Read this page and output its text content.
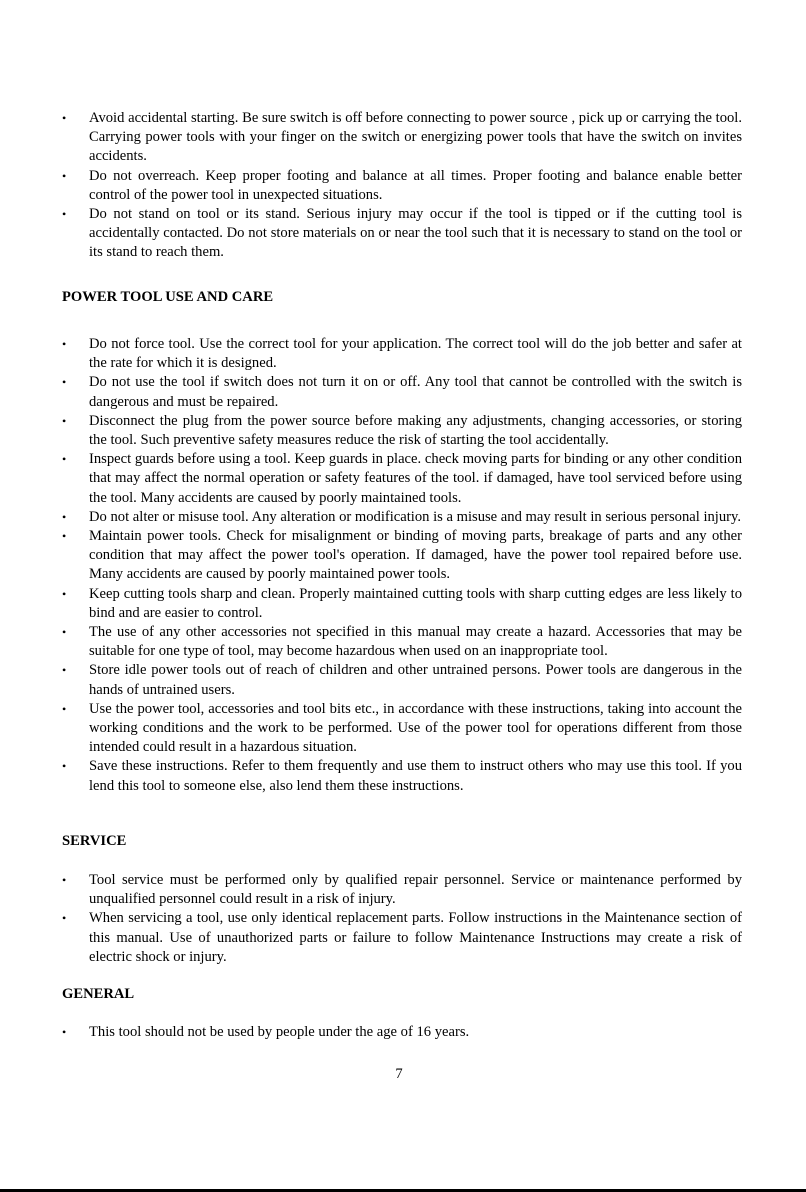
•	Avoid accidental starting. Be sure switch is off before connecting to power source , pick up or carrying the tool. Carrying power tools with your finger on the switch or energizing power tools that have the switch on invites accidents.
•	Do not overreach. Keep proper footing and balance at all times. Proper footing and balance enable better control of the power tool in unexpected situations.
•	Do not stand on tool or its stand. Serious injury may occur if the tool is tipped or if the cutting tool is accidentally contacted. Do not store materials on or near the tool such that it is necessary to stand on the tool or its stand to reach them.
POWER TOOL USE AND CARE
•	Do not force tool. Use the correct tool for your application. The correct tool will do the job better and safer at the rate for which it is designed.
•	Do not use the tool if switch does not turn it on or off. Any tool that cannot be controlled with the switch is dangerous and must be repaired.
•	Disconnect the plug from the power source before making any adjustments, changing accessories, or storing the tool. Such preventive safety measures reduce the risk of starting the tool accidentally.
•	Inspect guards before using a tool. Keep guards in place. check moving parts for binding or any other condition that may affect the normal operation or safety features of the tool. if damaged, have tool serviced before using the tool. Many accidents are caused by poorly maintained tools.
•	Do not alter or misuse tool. Any alteration or modification is a misuse and may result in serious personal injury.
•	Maintain power tools. Check for misalignment or binding of moving parts, breakage of parts and any other condition that may affect the power tool's operation. If damaged, have the power tool repaired before use. Many accidents are caused by poorly maintained power tools.
•	Keep cutting tools sharp and clean. Properly maintained cutting tools with sharp cutting edges are less likely to bind and are easier to control.
•	The use of any other accessories not specified in this manual may create a hazard. Accessories that may be suitable for one type of tool, may become hazardous when used on an inappropriate tool.
•	Store idle power tools out of reach of children and other untrained persons. Power tools are dangerous in the hands of untrained users.
•	Use the power tool, accessories and tool bits etc., in accordance with these instructions, taking into account the working conditions and the work to be performed. Use of the power tool for operations different from those intended could result in a hazardous situation.
•	Save these instructions. Refer to them frequently and use them to instruct others who may use this tool. If you lend this tool to someone else, also lend them these instructions.
SERVICE
•	Tool service must be performed only by qualified repair personnel. Service or maintenance performed by unqualified personnel could result in a risk of injury.
•	When servicing a tool, use only identical replacement parts. Follow instructions in the Maintenance section of this manual. Use of unauthorized parts or failure to follow Maintenance Instructions may create a risk of electric shock or injury.
GENERAL
•	This tool should not be used by people under the age of 16 years.
7
